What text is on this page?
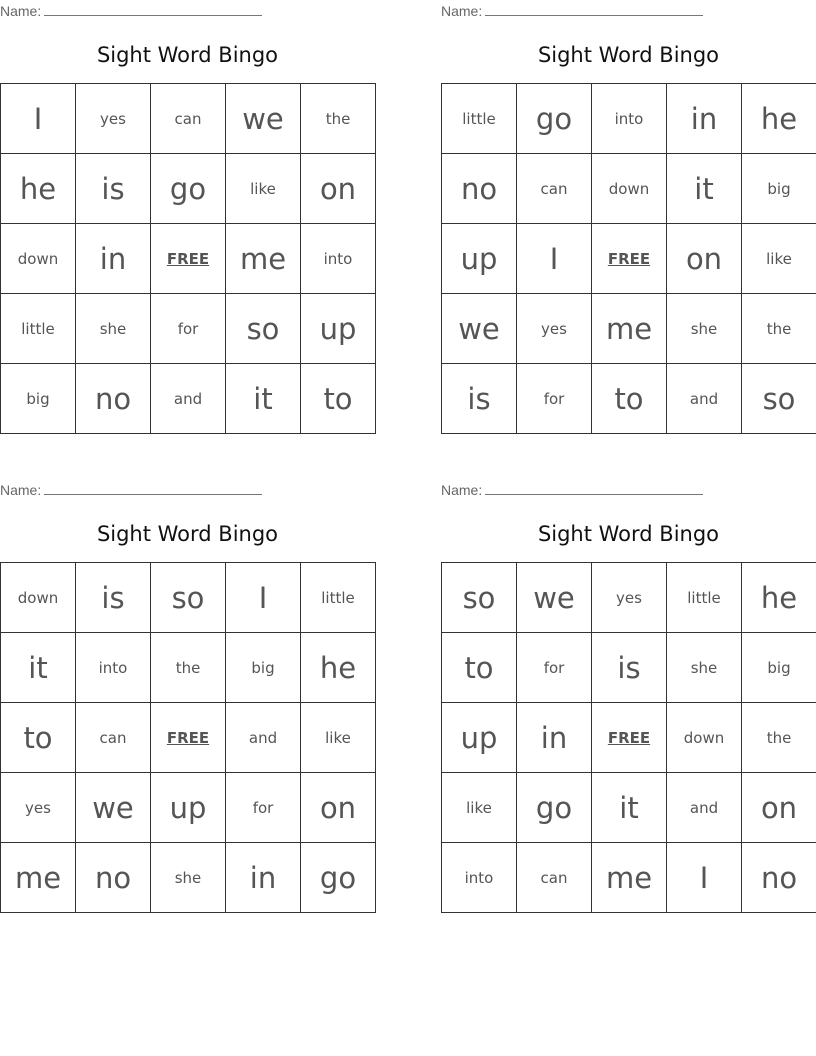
Name:
Sight Word Bingo
I	yes	can	we	the
he	is	go	like	on
down	in	FREE	me	into
little	she	for	so	up
big	no	and	it	to
Name:
Sight Word Bingo
little	go	into	in	he
no	can	down	it	big
up	I	FREE	on	like
we	yes	me	she	the
is	for	to	and	so
Name:
Sight Word Bingo
down	is	so	I	little
it	into	the	big	he
to	can	FREE	and	like
yes	we	up	for	on
me	no	she	in	go
Name:
Sight Word Bingo
so	we	yes	little	he
to	for	is	she	big
up	in	FREE	down	the
like	go	it	and	on
into	can	me	I	no
